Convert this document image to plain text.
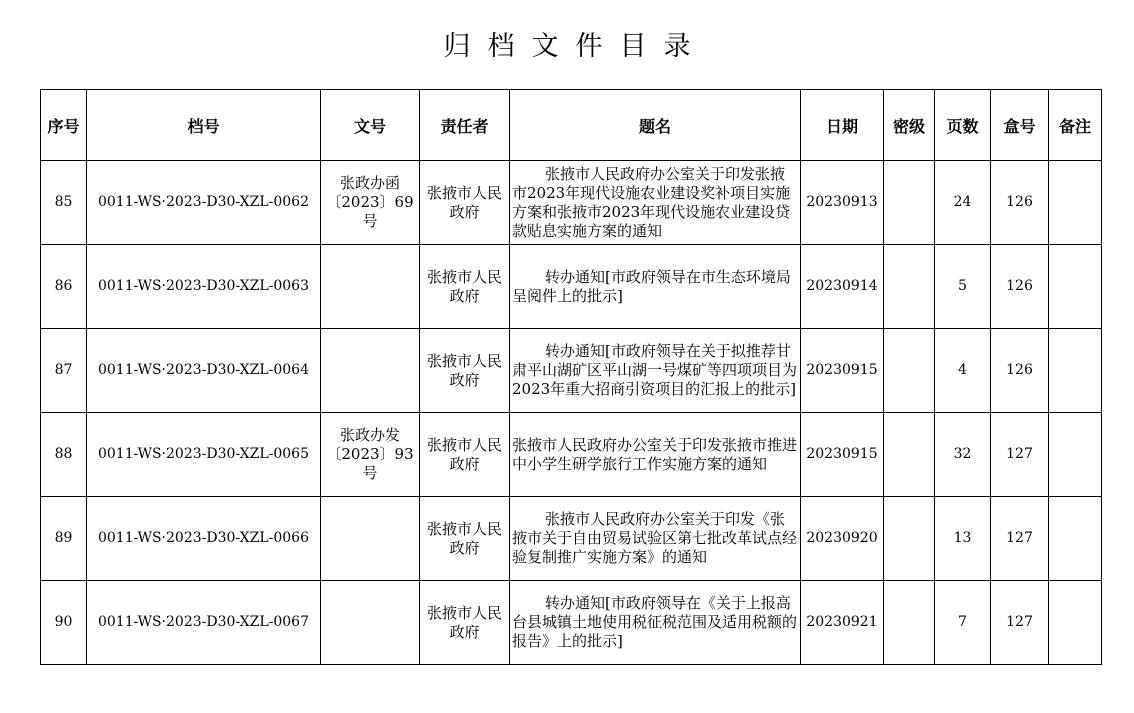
归档文件目录
序号	档号	文号	责任者	题名	日期	密级	页数	盒号	备注
85	0011-WS·2023-D30-XZL-0062	张政办函〔2023〕69号	张掖市人民政府	张掖市人民政府办公室关于印发张掖市2023年现代设施农业建设奖补项目实施方案和张掖市2023年现代设施农业建设贷款贴息实施方案的通知	20230913		24	126	
86	0011-WS·2023-D30-XZL-0063		张掖市人民政府	转办通知[市政府领导在市生态环境局呈阅件上的批示]	20230914		5	126	
87	0011-WS·2023-D30-XZL-0064		张掖市人民政府	转办通知[市政府领导在关于拟推荐甘肃平山湖矿区平山湖一号煤矿等四项项目为2023年重大招商引资项目的汇报上的批示]	20230915		4	126	
88	0011-WS·2023-D30-XZL-0065	张政办发〔2023〕93号	张掖市人民政府	张掖市人民政府办公室关于印发张掖市推进中小学生研学旅行工作实施方案的通知	20230915		32	127	
89	0011-WS·2023-D30-XZL-0066		张掖市人民政府	张掖市人民政府办公室关于印发《张掖市关于自由贸易试验区第七批改革试点经验复制推广实施方案》的通知	20230920		13	127	
90	0011-WS·2023-D30-XZL-0067		张掖市人民政府	转办通知[市政府领导在《关于上报高台县城镇土地使用税征税范围及适用税额的报告》上的批示]	20230921		7	127	
